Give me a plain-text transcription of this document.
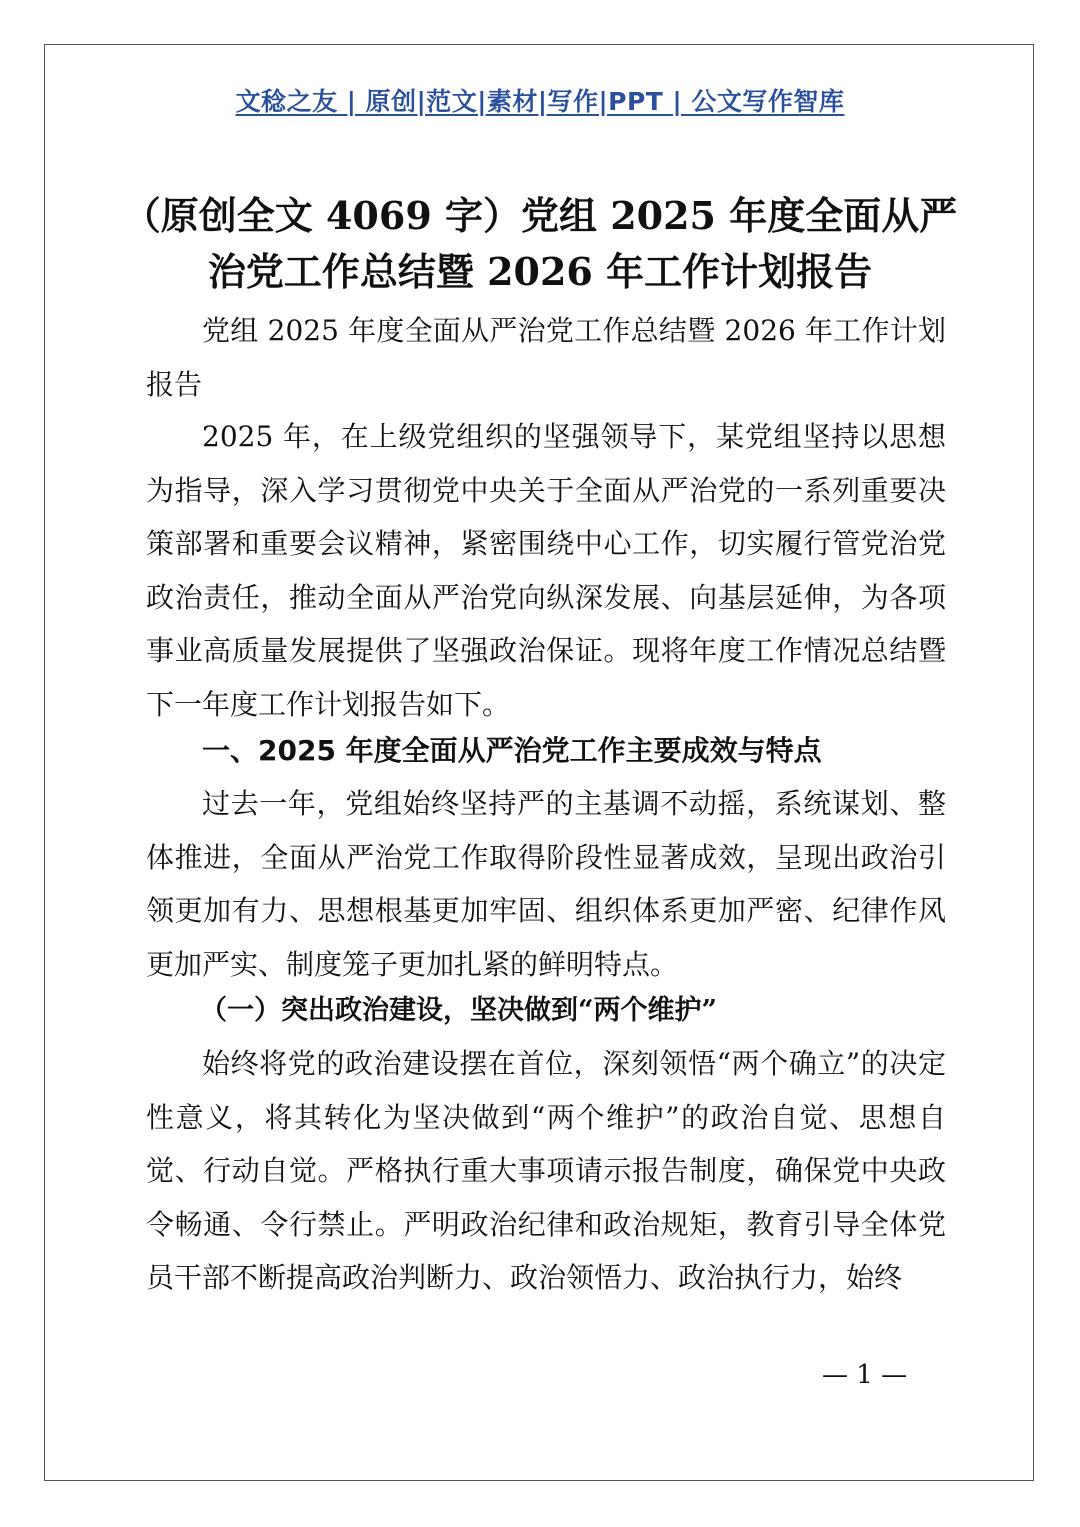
文稔之友 | 原创|范文|素材|写作|PPT | 公文写作智库
（原创全文 4069 字）党组 2025 年度全面从严治党工作总结暨 2026 年工作计划报告

党组 2025 年度全面从严治党工作总结暨 2026 年工作计划报告

2025 年，在上级党组织的坚强领导下，某党组坚持以思想为指导，深入学习贯彻党中央关于全面从严治党的一系列重要决策部署和重要会议精神，紧密围绕中心工作，切实履行管党治党政治责任，推动全面从严治党向纵深发展、向基层延伸，为各项事业高质量发展提供了坚强政治保证。现将年度工作情况总结暨下一年度工作计划报告如下。

一、2025 年度全面从严治党工作主要成效与特点

过去一年，党组始终坚持严的主基调不动摇，系统谋划、整体推进，全面从严治党工作取得阶段性显著成效，呈现出政治引领更加有力、思想根基更加牢固、组织体系更加严密、纪律作风更加严实、制度笼子更加扎紧的鲜明特点。

（一）突出政治建设，坚决做到“两个维护”

始终将党的政治建设摆在首位，深刻领悟“两个确立”的决定性意义，将其转化为坚决做到“两个维护”的政治自觉、思想自觉、行动自觉。严格执行重大事项请示报告制度，确保党中央政令畅通、令行禁止。严明政治纪律和政治规矩，教育引导全体党员干部不断提高政治判断力、政治领悟力、政治执行力，始终

— 1 —
